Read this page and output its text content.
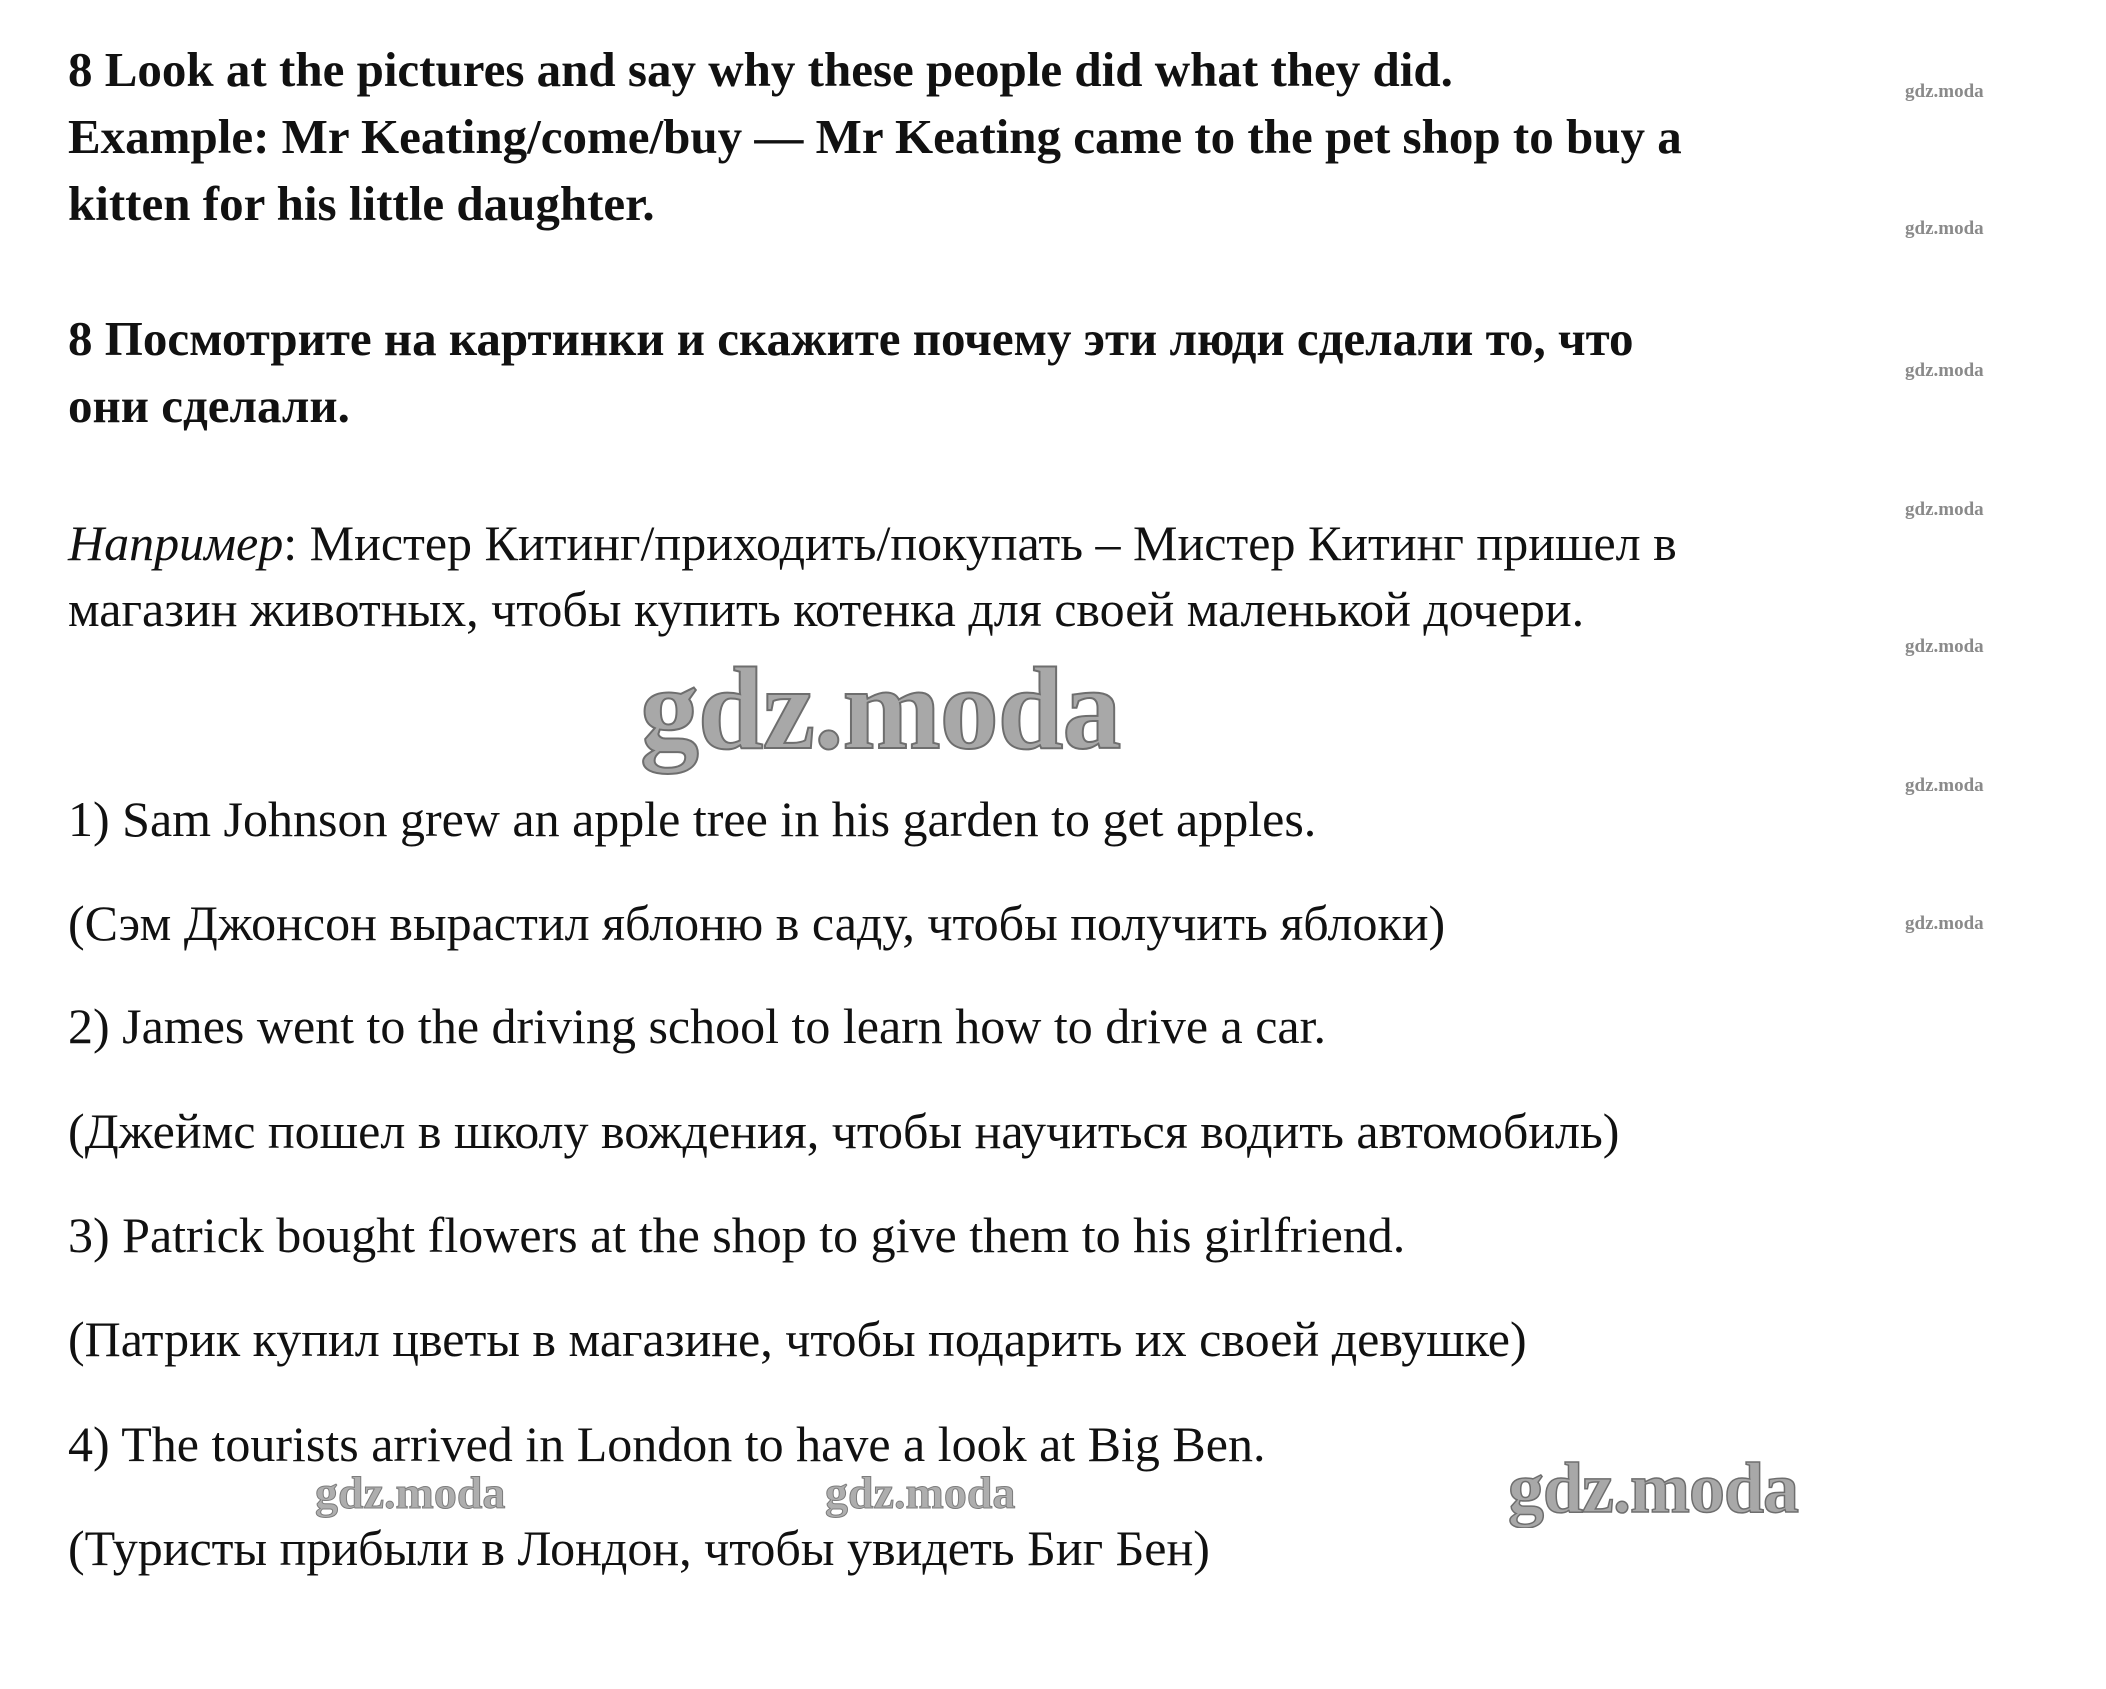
8 Look at the pictures and say why these people did what they did.
Example: Mr Keating/come/buy — Mr Keating came to the pet shop to buy a
kitten for his little daughter.
8 Посмотрите на картинки и скажите почему эти люди сделали то, что
они сделали.
Например: Мистер Китинг/приходить/покупать – Мистер Китинг пришел в
магазин животных, чтобы купить котенка для своей маленькой дочери.
1) Sam Johnson grew an apple tree in his garden to get apples.
(Сэм Джонсон вырастил яблоню в саду, чтобы получить яблоки)
2) James went to the driving school to learn how to drive a car.
(Джеймс пошел в школу вождения, чтобы научиться водить автомобиль)
3) Patrick bought flowers at the shop to give them to his girlfriend.
(Патрик купил цветы в магазине, чтобы подарить их своей девушке)
4) The tourists arrived in London to have a look at Big Ben.
(Туристы прибыли в Лондон, чтобы увидеть Биг Бен)
gdz.moda
gdz.moda
gdz.moda
gdz.moda
gdz.moda
gdz.moda
gdz.moda
gdz.moda
gdz.moda	gdz.moda	gdz.moda
